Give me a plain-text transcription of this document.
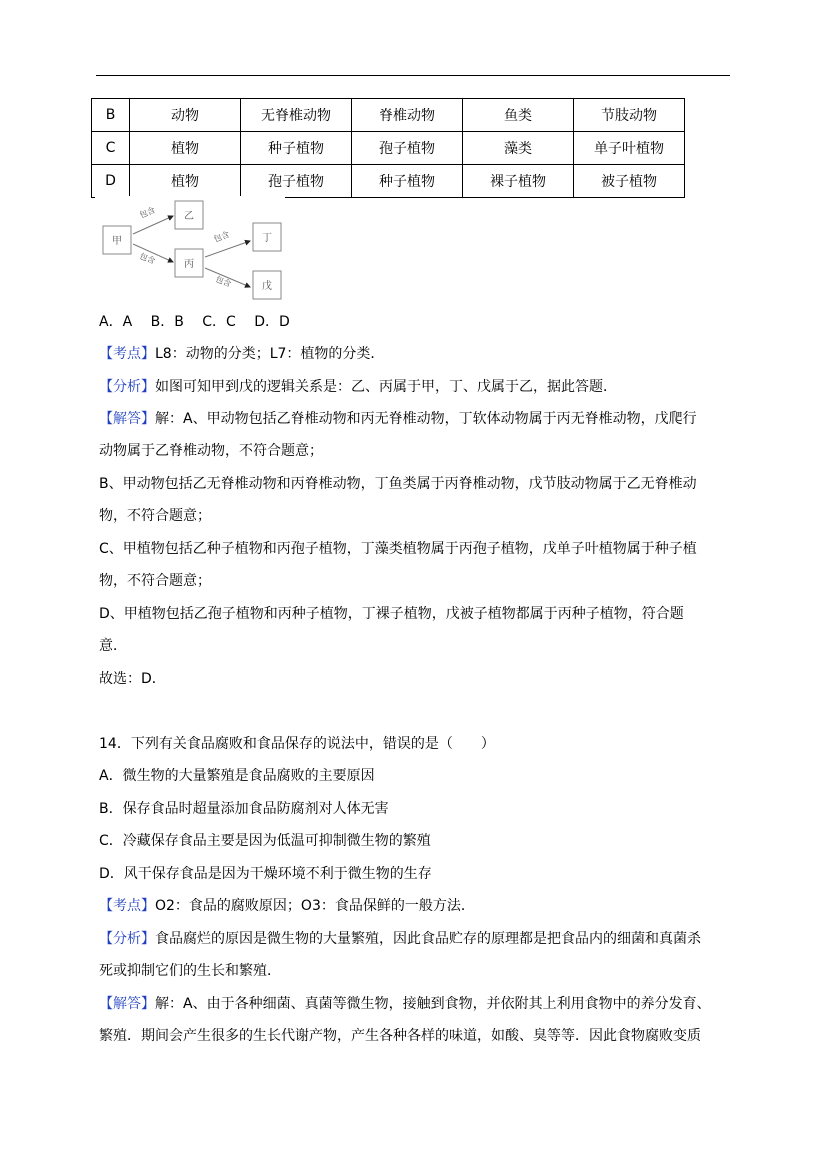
B	动物	无脊椎动物	脊椎动物	鱼类	节肢动物
C	植物	种子植物	孢子植物	藻类	单子叶植物
D	植物	孢子植物	种子植物	裸子植物	被子植物
甲
乙
丙
丁
戊
包含
包含
包含
包含
A．A　 B．B　 C．C　 D．D
【考点】L8：动物的分类；L7：植物的分类．
【分析】如图可知甲到戊的逻辑关系是：乙、丙属于甲，丁、戊属于乙，据此答题．
【解答】解：A、甲动物包括乙脊椎动物和丙无脊椎动物，丁软体动物属于丙无脊椎动物，戊爬行
动物属于乙脊椎动物，不符合题意；
B、甲动物包括乙无脊椎动物和丙脊椎动物，丁鱼类属于丙脊椎动物，戊节肢动物属于乙无脊椎动
物，不符合题意；
C、甲植物包括乙种子植物和丙孢子植物，丁藻类植物属于丙孢子植物，戊单子叶植物属于种子植
物，不符合题意；
D、甲植物包括乙孢子植物和丙种子植物，丁裸子植物，戊被子植物都属于丙种子植物，符合题
意．
故选：D．
14．下列有关食品腐败和食品保存的说法中，错误的是（　　）
A．微生物的大量繁殖是食品腐败的主要原因
B．保存食品时超量添加食品防腐剂对人体无害
C．冷藏保存食品主要是因为低温可抑制微生物的繁殖
D．风干保存食品是因为干燥环境不利于微生物的生存
【考点】O2：食品的腐败原因；O3：食品保鲜的一般方法．
【分析】食品腐烂的原因是微生物的大量繁殖，因此食品贮存的原理都是把食品内的细菌和真菌杀
死或抑制它们的生长和繁殖．
【解答】解：A、由于各种细菌、真菌等微生物，接触到食物，并依附其上利用食物中的养分发育、
繁殖．期间会产生很多的生长代谢产物，产生各种各样的味道，如酸、臭等等．因此食物腐败变质
